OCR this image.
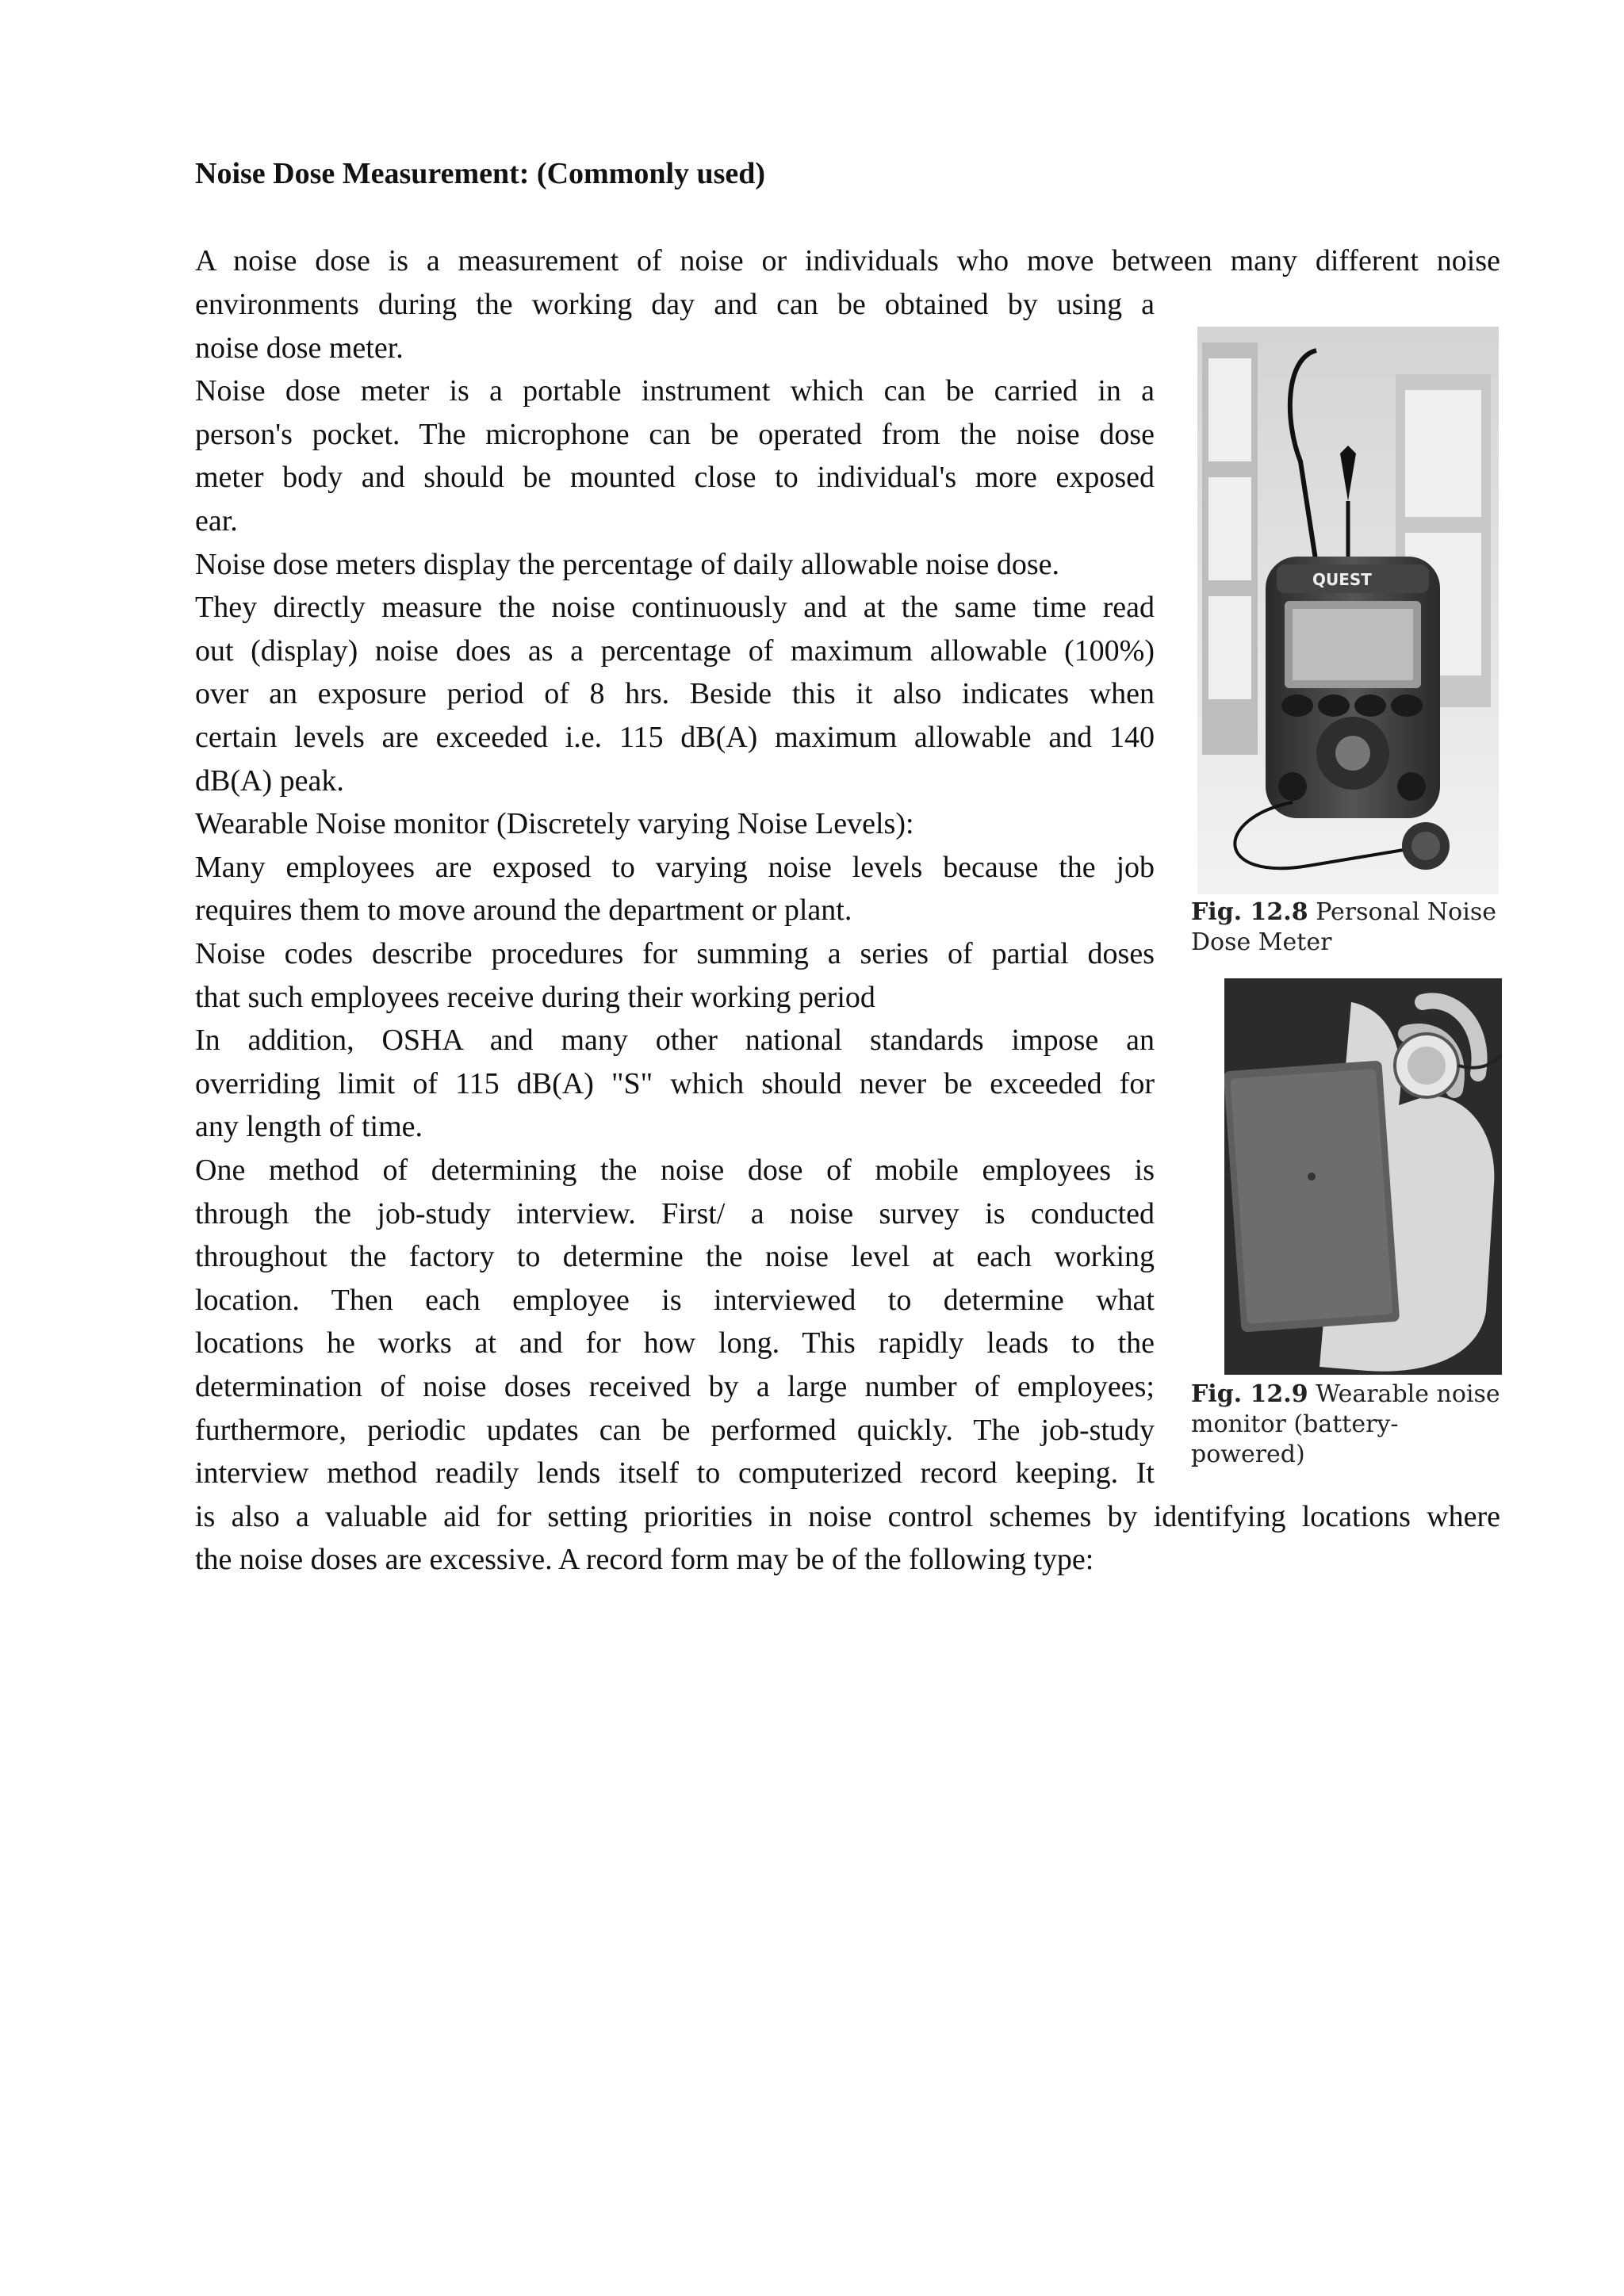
Noise Dose Measurement: (Commonly used)

A noise dose is a measurement of noise or individuals who move between many different noise

environments during the working day and can be obtained by using a

noise dose meter.

Noise dose meter is a portable instrument which can be carried in a

person's pocket. The microphone can be operated from the noise dose

meter body and should be mounted close to individual's more exposed

ear.

Noise dose meters display the percentage of daily allowable noise dose.

They directly measure the noise continuously and at the same time read

out (display) noise does as a percentage of maximum allowable (100%)

over an exposure period of 8 hrs. Beside this it also indicates when

certain levels are exceeded i.e. 115 dB(A) maximum allowable and 140

dB(A) peak.

Wearable Noise monitor (Discretely varying Noise Levels):

Many employees are exposed to varying noise levels because the job

requires them to move around the department or plant.

Noise codes describe procedures for summing a series of partial doses

that such employees receive during their working period

In addition, OSHA and many other national standards impose an

overriding limit of 115 dB(A) "S" which should never be exceeded for

any length of time.

One method of determining the noise dose of mobile employees is

through the job-study interview. First/ a noise survey is conducted

throughout the factory to determine the noise level at each working

location. Then each employee is interviewed to determine what

locations he works at and for how long. This rapidly leads to the

determination of noise doses received by a large number of employees;

furthermore, periodic updates can be performed quickly. The job-study

interview method readily lends itself to computerized record keeping. It

is also a valuable aid for setting priorities in noise control schemes by identifying locations where

the noise doses are excessive. A record form may be of the following type:

QUEST
Fig. 12.8 Personal Noise Dose Meter
Fig. 12.9 Wearable noise monitor (battery-powered)
